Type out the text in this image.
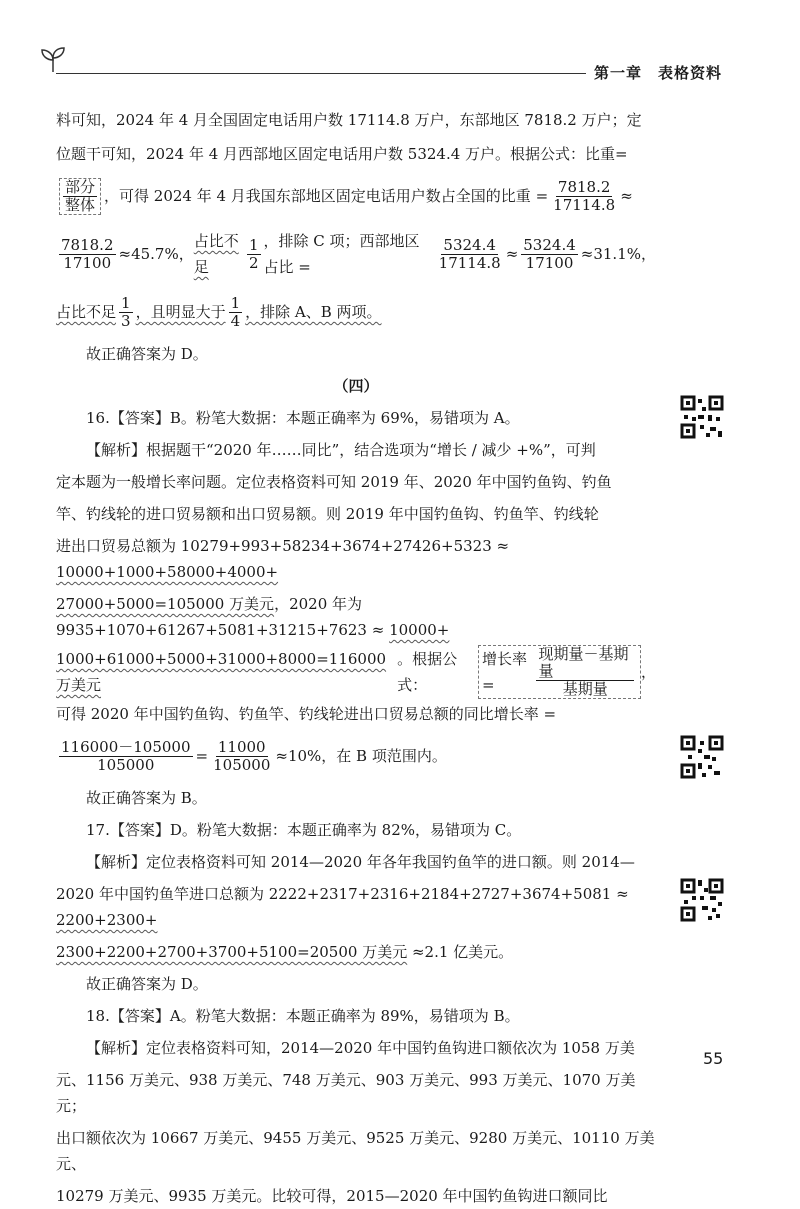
第一章　表格资料

料可知，2024 年 4 月全国固定电话用户数 17114.8 万户，东部地区 7818.2 万户；定

位题干可知，2024 年 4 月西部地区固定电话用户数 5324.4 万户。根据公式：比重=

$\frac{\text{部分}}{\text{整体}}$ ，可得 2024 年 4 月我国东部地区固定电话用户数占全国的比重 = $\frac{7818.2}{17114.8}$ ≈
$\frac{7818.2}{17100} \approx 45.7\%$，
占比不足	$\frac{1}{2}$ ，排除 C 项；西部地区占比 =	$\frac{5324.4}{17114.8} \approx \frac{5324.4}{17100} \approx 31.1\%$，
占比不足 $\frac{1}{3}$ ，且明显大于 $\frac{1}{4}$ ，排除 A、B 两项。

故正确答案为 D。

（四）

16.【答案】B。粉笔大数据：本题正确率为 69%，易错项为 A。

【解析】根据题干“2020 年……同比”，结合选项为“增长 / 减少 +%”，可判

定本题为一般增长率问题。定位表格资料可知 2019 年、2020 年中国钓鱼钩、钓鱼

竿、钓线轮的进口贸易额和出口贸易额。则 2019 年中国钓鱼钩、钓鱼竿、钓线轮

进出口贸易总额为 10279+993+58234+3674+27426+5323 ≈ 10000+1000+58000+4000+

27000+5000=105000 万美元，2020 年为 9935+1070+61267+5081+31215+7623 ≈ 10000+

1000+61000+5000+31000+8000=116000 万美元
。根据公式：
增长率=	$\frac{\text{现期量－基期量}}{\text{基期量}}$ ，

可得 2020 年中国钓鱼钩、钓鱼竿、钓线轮进出口贸易总额的同比增长率 =

$\frac{116000-105000}{105000} = \frac{11000}{105000} \approx 10\%$，在 B 项范围内。

故正确答案为 B。

17.【答案】D。粉笔大数据：本题正确率为 82%，易错项为 C。

【解析】定位表格资料可知 2014—2020 年各年我国钓鱼竿的进口额。则 2014—

2020 年中国钓鱼竿进口总额为 2222+2317+2316+2184+2727+3674+5081 ≈ 2200+2300+

2300+2200+2700+3700+5100=20500 万美元 ≈2.1 亿美元。

故正确答案为 D。

18.【答案】A。粉笔大数据：本题正确率为 89%，易错项为 B。

【解析】定位表格资料可知，2014—2020 年中国钓鱼钩进口额依次为 1058 万美

元、1156 万美元、938 万美元、748 万美元、903 万美元、993 万美元、1070 万美元；

出口额依次为 10667 万美元、9455 万美元、9525 万美元、9280 万美元、10110 万美元、

10279 万美元、9935 万美元。比较可得，2015—2020 年中国钓鱼钩进口额同比

55
